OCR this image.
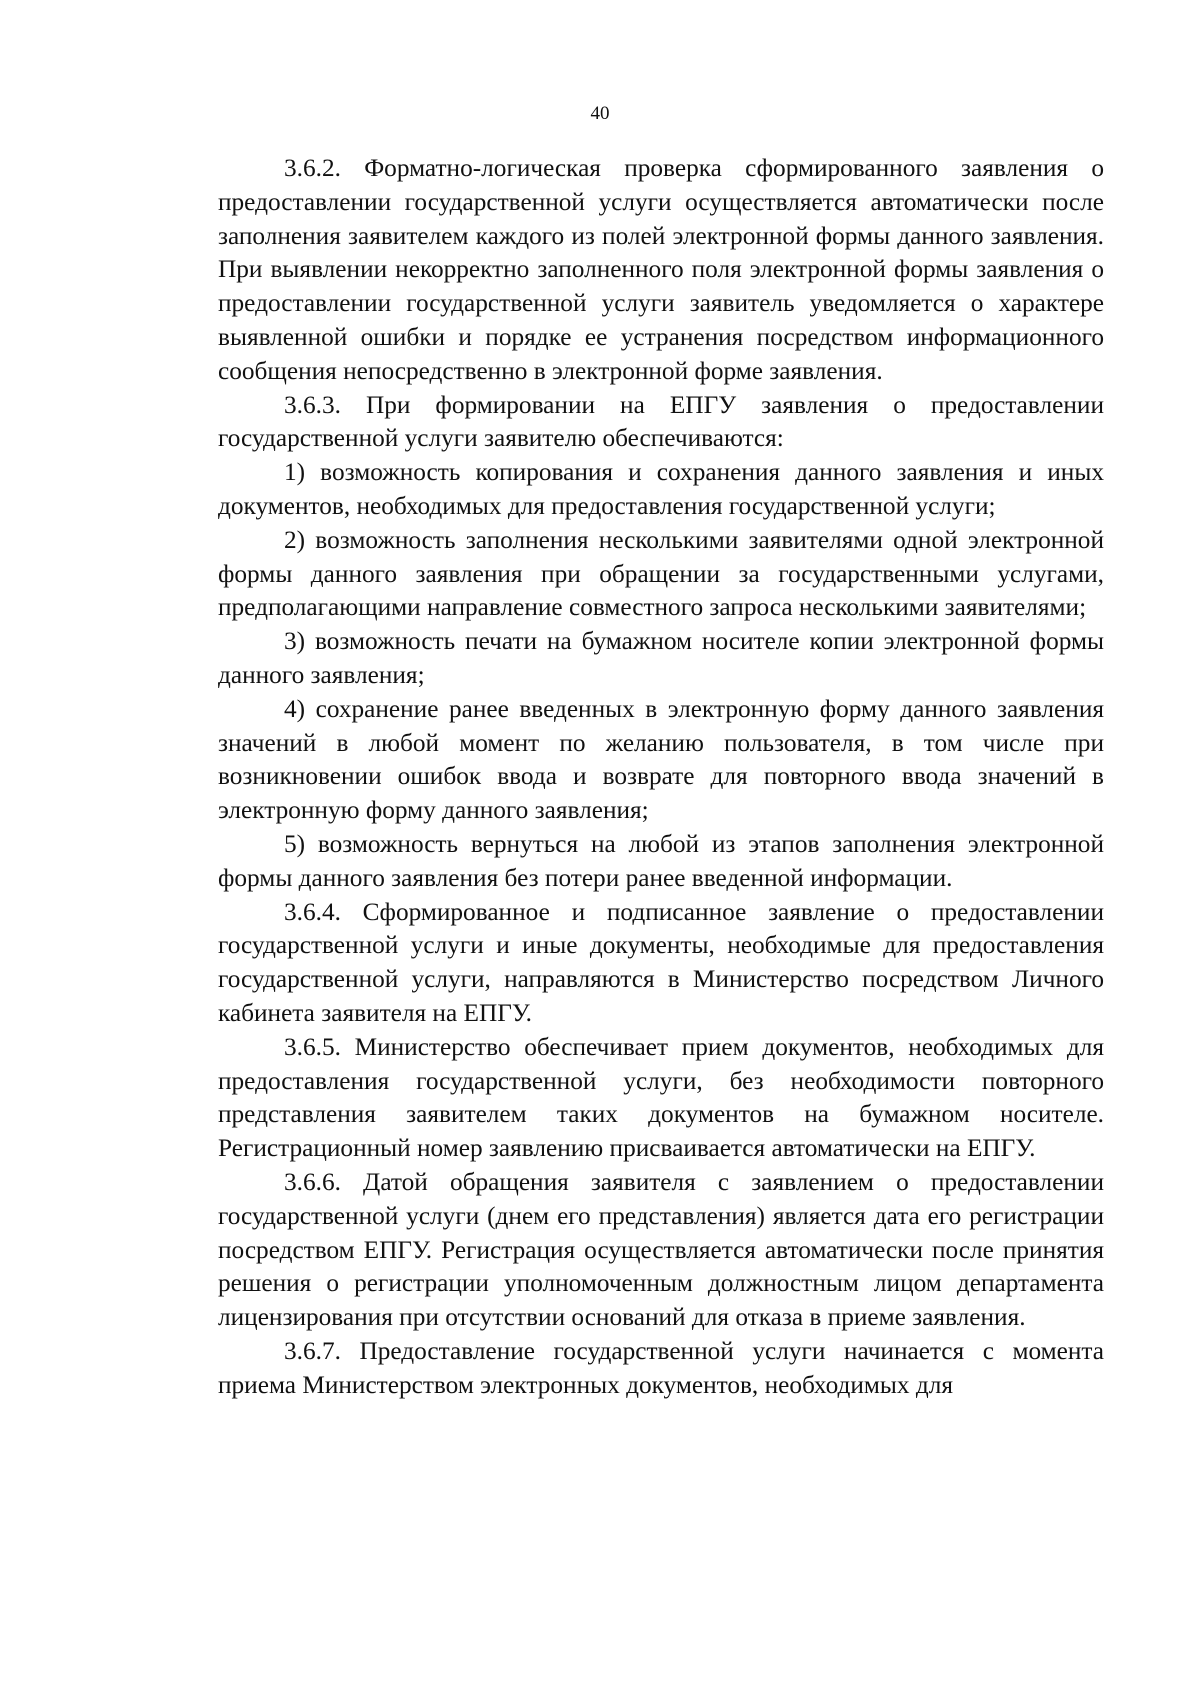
40

3.6.2. Форматно-логическая проверка сформированного заявления о предоставлении государственной услуги осуществляется автоматически после заполнения заявителем каждого из полей электронной формы данного заявления. При выявлении некорректно заполненного поля электронной формы заявления о предоставлении государственной услуги заявитель уведомляется о характере выявленной ошибки и порядке ее устранения посредством информационного сообщения непосредственно в электронной форме заявления.

3.6.3. При формировании на ЕПГУ заявления о предоставлении государственной услуги заявителю обеспечиваются:

1) возможность копирования и сохранения данного заявления и иных документов, необходимых для предоставления государственной услуги;

2) возможность заполнения несколькими заявителями одной электронной формы данного заявления при обращении за государственными услугами, предполагающими направление совместного запроса несколькими заявителями;

3) возможность печати на бумажном носителе копии электронной формы данного заявления;

4) сохранение ранее введенных в электронную форму данного заявления значений в любой момент по желанию пользователя, в том числе при возникновении ошибок ввода и возврате для повторного ввода значений в электронную форму данного заявления;

5) возможность вернуться на любой из этапов заполнения электронной формы данного заявления без потери ранее введенной информации.

3.6.4. Сформированное и подписанное заявление о предоставлении государственной услуги и иные документы, необходимые для предоставления государственной услуги, направляются в Министерство посредством Личного кабинета заявителя на ЕПГУ.

3.6.5. Министерство обеспечивает прием документов, необходимых для предоставления государственной услуги, без необходимости повторного представления заявителем таких документов на бумажном носителе. Регистрационный номер заявлению присваивается автоматически на ЕПГУ.

3.6.6. Датой обращения заявителя с заявлением о предоставлении государственной услуги (днем его представления) является дата его регистрации посредством ЕПГУ. Регистрация осуществляется автоматически после принятия решения о регистрации уполномоченным должностным лицом департамента лицензирования при отсутствии оснований для отказа в приеме заявления.

3.6.7. Предоставление государственной услуги начинается с момента приема Министерством электронных документов, необходимых для
